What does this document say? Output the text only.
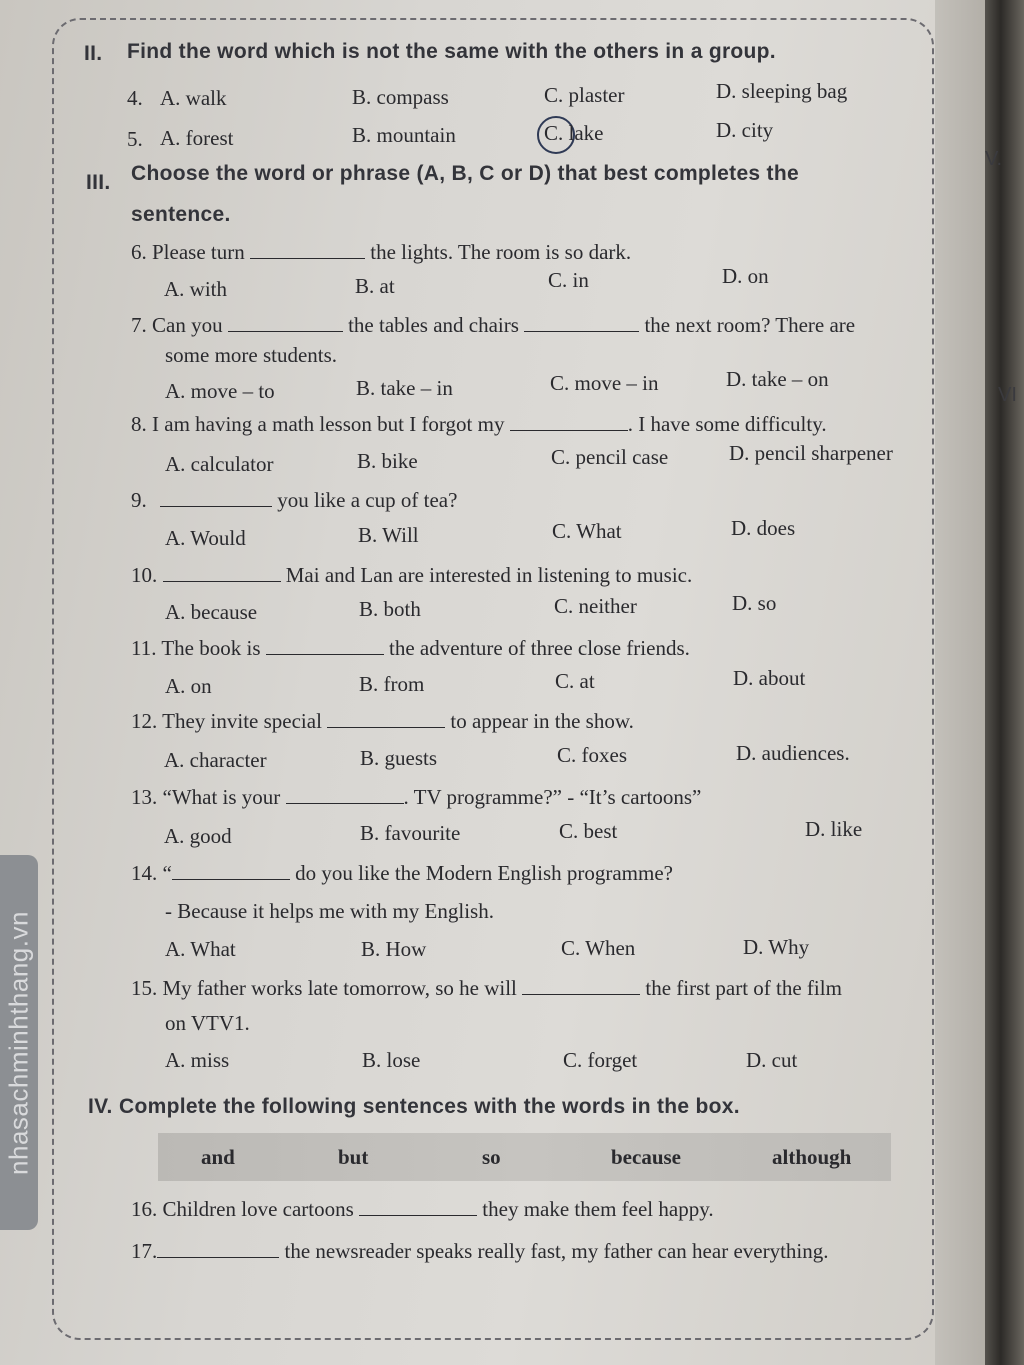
nhasachminhthang.vn
V.
VI
II. Find the word which is not the same with the others in a group.
4. A. walk	B. compass	C. plaster	D. sleeping bag
5. A. forest	B. mountain	C. lake	D. city
III. Choose the word or phrase (A, B, C or D) that best completes the
sentence.
6. Please turn	the lights. The room is so dark.
A. with	B. at	C. in	D. on
7. Can you	the tables and chairs	the next room? There are
some more students.
A. move – to	B. take – in	C. move – in	D. take – on
8. I am having a math lesson but I forgot my	. I have some difficulty.
A. calculator	B. bike	C. pencil case	D. pencil sharpener
9.	you like a cup of tea?
A. Would	B. Will	C. What	D. does
10.	Mai and Lan are interested in listening to music.
A. because	B. both	C. neither	D. so
11. The book is	the adventure of three close friends.
A. on	B. from	C. at	D. about
12. They invite special	to appear in the show.
A. character	B. guests	C. foxes	D. audiences.
13. “What is your	. TV programme?” - “It’s cartoons”
A. good	B. favourite	C. best	D. like
14. “	do you like the Modern English programme?
- Because it helps me with my English.
A. What	B. How	C. When	D. Why
15. My father works late tomorrow, so he will	the first part of the film
on VTV1.
A. miss	B. lose	C. forget	D. cut
IV. Complete the following sentences with the words in the box.
and	but	so	because	although
16. Children love cartoons	they make them feel happy.
17.	the newsreader speaks really fast, my father can hear everything.
